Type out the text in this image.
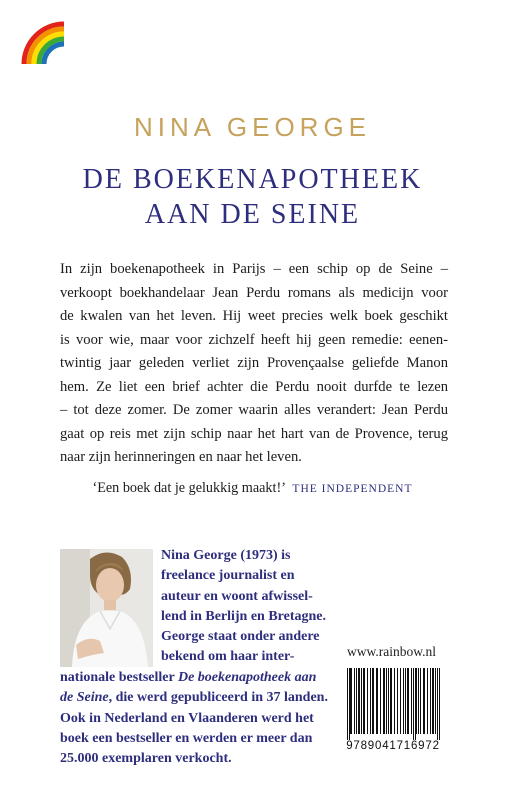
NINA GEORGE
DE BOEKENAPOTHEEK
AAN DE SEINE
In zijn boekenapotheek in Parijs – een schip op de Seine –
verkoopt boekhandelaar Jean Perdu romans als medicijn voor
de kwalen van het leven. Hij weet precies welk boek geschikt
is voor wie, maar voor zichzelf heeft hij geen remedie: eenen-
twintig jaar geleden verliet zijn Provençaalse geliefde Manon
hem. Ze liet een brief achter die Perdu nooit durfde te lezen
– tot deze zomer. De zomer waarin alles verandert: Jean Perdu
gaat op reis met zijn schip naar het hart van de Provence, terug
naar zijn herinneringen en naar het leven.
‘Een boek dat je gelukkig maakt!’ THE INDEPENDENT
Nina George (1973) is
freelance journalist en
auteur en woont afwissel-
lend in Berlijn en Bretagne.
George staat onder andere
bekend om haar inter-
nationale bestseller De boekenapotheek aan
de Seine, die werd gepubliceerd in 37 landen.
Ook in Nederland en Vlaanderen werd het
boek een bestseller en werden er meer dan
25.000 exemplaren verkocht.
www.rainbow.nl
9789041716972
